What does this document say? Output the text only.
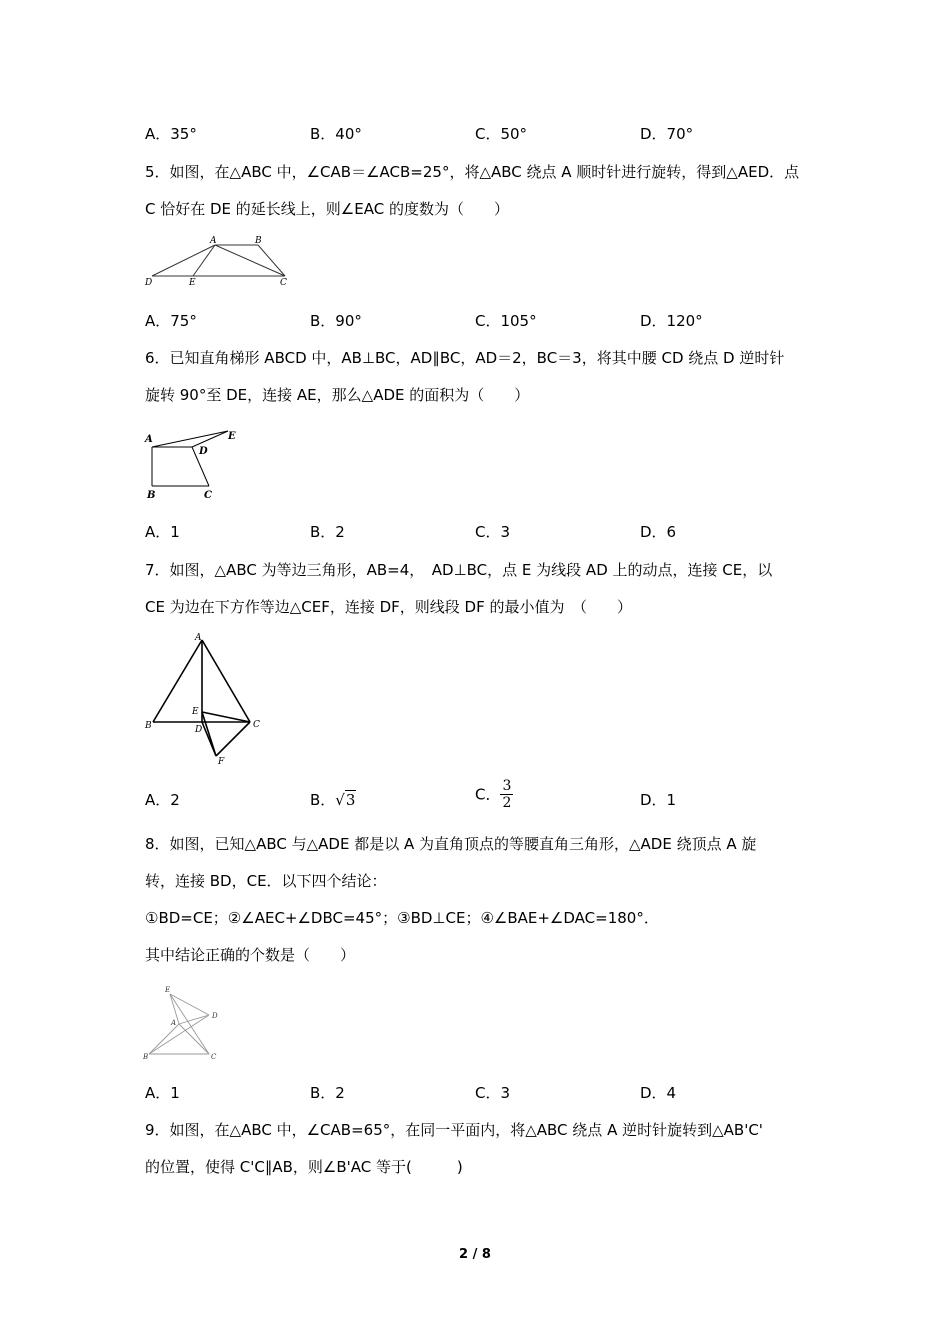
A．35°	B．40°	C．50°	D．70°
5．如图，在△ABC 中，∠CAB＝∠ACB=25°，将△ABC 绕点 A 顺时针进行旋转，得到△AED．点
C 恰好在 DE 的延长线上，则∠EAC 的度数为（　　）
A	B
C
D	E
A．75°	B．90°	C．105°	D．120°
6．已知直角梯形 ABCD 中，AB⊥BC，AD∥BC，AD＝2，BC＝3，将其中腰 CD 绕点 D 逆时针
旋转 90°至 DE，连接 AE，那么△ADE 的面积为（　　）
A
B	C
D
E
A．1	B．2	C．3	D．6
7．如图，△ABC 为等边三角形，AB=4，　AD⊥BC，点 E 为线段 AD 上的动点，连接 CE，以
CE 为边在下方作等边△CEF，连接 DF，则线段 DF 的最小值为　（　　）
A
B	C
D
E
F
A．2	B．√3	C． $\frac{3}{2}$	D．1
8．如图，已知△ABC 与△ADE 都是以 A 为直角顶点的等腰直角三角形，△ADE 绕顶点 A 旋
转，连接 BD，CE．以下四个结论：
①BD=CE；②∠AEC+∠DBC=45°；③BD⊥CE；④∠BAE+∠DAC=180°．
其中结论正确的个数是（　　）
E
D
A
B	C
A．1	B．2	C．3	D．4
9．如图，在△ABC 中，∠CAB=65°，在同一平面内，将△ABC 绕点 A 逆时针旋转到△AB'C'
的位置，使得 C'C∥AB，则∠B'AC 等于(　　　)
2 / 8
